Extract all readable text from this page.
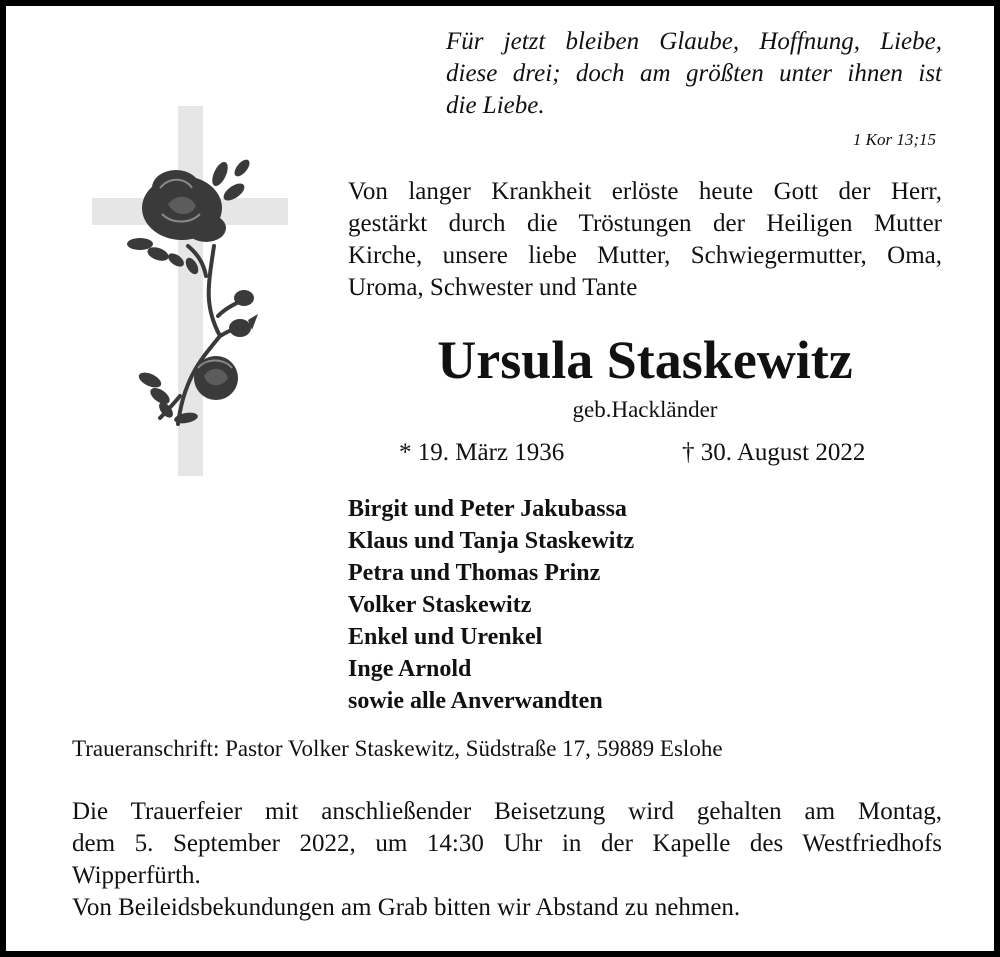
Für jetzt bleiben Glaube, Hoffnung, Liebe,
diese drei; doch am größten unter ihnen ist
die Liebe.
1 Kor 13;15
Von langer Krankheit erlöste heute Gott der Herr,
gestärkt durch die Tröstungen der Heiligen Mutter
Kirche, unsere liebe Mutter, Schwiegermutter, Oma,
Uroma, Schwester und Tante
Ursula Staskewitz
geb.Hackländer
* 19. März 1936	† 30. August 2022
Birgit und Peter Jakubassa
Klaus und Tanja Staskewitz
Petra und Thomas Prinz
Volker Staskewitz
Enkel und Urenkel
Inge Arnold
sowie alle Anverwandten
Traueranschrift: Pastor Volker Staskewitz, Südstraße 17, 59889 Eslohe
Die Trauerfeier mit anschließender Beisetzung wird gehalten am Montag,
dem 5. September 2022, um 14:30 Uhr in der Kapelle des Westfriedhofs
Wipperfürth.
Von Beileidsbekundungen am Grab bitten wir Abstand zu nehmen.
